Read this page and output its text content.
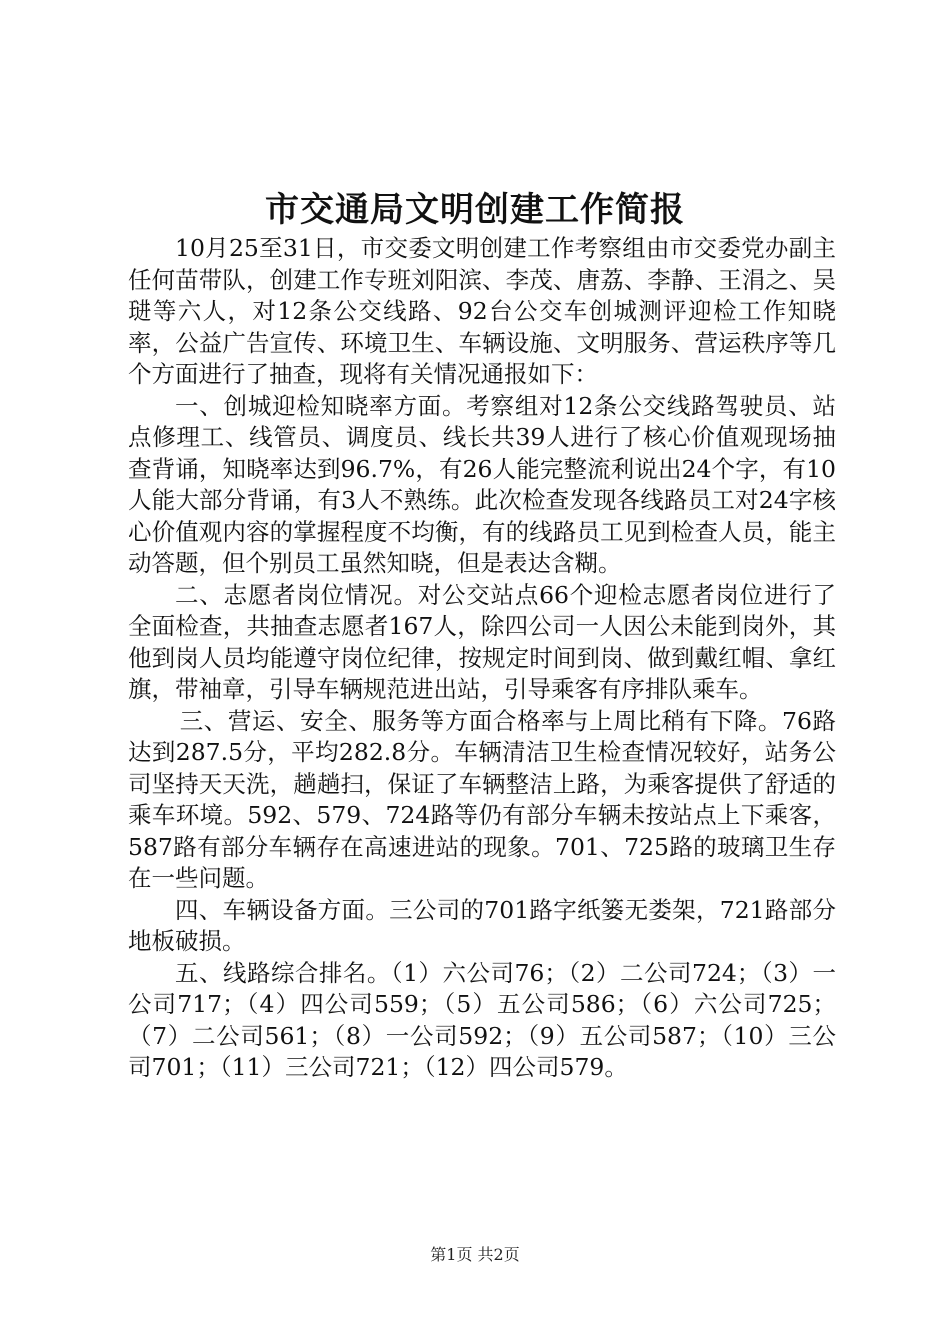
市交通局文明创建工作简报

10月25至31日，市交委文明创建工作考察组由市交委党办副主任何苗带队，创建工作专班刘阳滨、李茂、唐荔、李静、王涓之、吴琎等六人，对12条公交线路、92台公交车创城测评迎检工作知晓率，公益广告宣传、环境卫生、车辆设施、文明服务、营运秩序等几个方面进行了抽查，现将有关情况通报如下：

一、创城迎检知晓率方面。考察组对12条公交线路驾驶员、站点修理工、线管员、调度员、线长共39人进行了核心价值观现场抽查背诵，知晓率达到96.7%，有26人能完整流利说出24个字，有10人能大部分背诵，有3人不熟练。此次检查发现各线路员工对24字核心价值观内容的掌握程度不均衡，有的线路员工见到检查人员，能主动答题，但个别员工虽然知晓，但是表达含糊。

二、志愿者岗位情况。对公交站点66个迎检志愿者岗位进行了全面检查，共抽查志愿者167人，除四公司一人因公未能到岗外，其他到岗人员均能遵守岗位纪律，按规定时间到岗、做到戴红帽、拿红旗，带袖章，引导车辆规范进出站，引导乘客有序排队乘车。

三、营运、安全、服务等方面合格率与上周比稍有下降。76路达到287.5分，平均282.8分。车辆清洁卫生检查情况较好，站务公司坚持天天洗，趟趟扫，保证了车辆整洁上路，为乘客提供了舒适的乘车环境。592、579、724路等仍有部分车辆未按站点上下乘客，587路有部分车辆存在高速进站的现象。701、725路的玻璃卫生存在一些问题。

四、车辆设备方面。三公司的701路字纸篓无娄架，721路部分地板破损。

五、线路综合排名。（1）六公司76；（2）二公司724；（3）一公司717；（4）四公司559；（5）五公司586；（6）六公司725；（7）二公司561；（8）一公司592；（9）五公司587；（10）三公司701；（11）三公司721；（12）四公司579。

第1页 共2页
